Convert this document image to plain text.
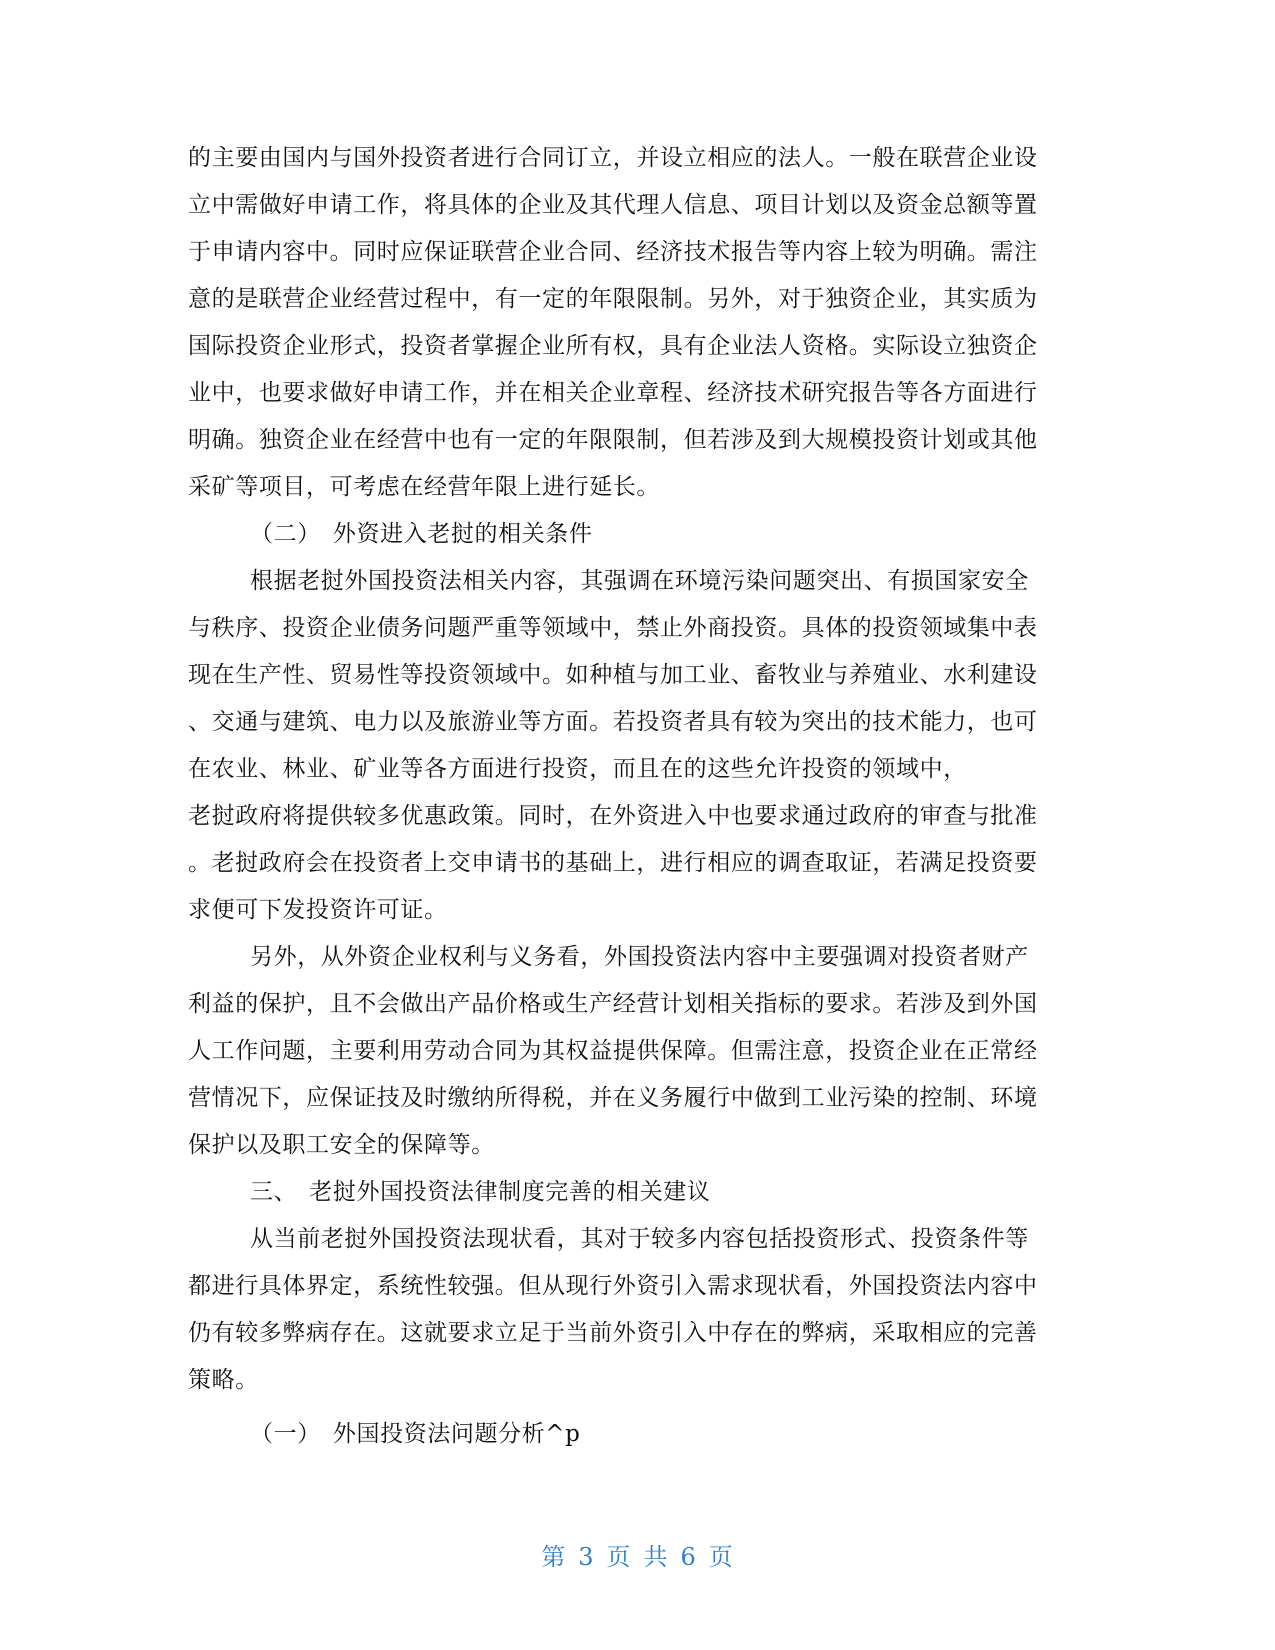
的主要由国内与国外投资者进行合同订立，并设立相应的法人。一般在联营企业设
立中需做好申请工作，将具体的企业及其代理人信息、项目计划以及资金总额等置
于申请内容中。同时应保证联营企业合同、经济技术报告等内容上较为明确。需注
意的是联营企业经营过程中，有一定的年限限制。另外，对于独资企业，其实质为
国际投资企业形式，投资者掌握企业所有权，具有企业法人资格。实际设立独资企
业中，也要求做好申请工作，并在相关企业章程、经济技术研究报告等各方面进行
明确。独资企业在经营中也有一定的年限限制，但若涉及到大规模投资计划或其他
采矿等项目，可考虑在经营年限上进行延长。
（二）　外资进入老挝的相关条件
根据老挝外国投资法相关内容，其强调在环境污染问题突出、有损国家安全
与秩序、投资企业债务问题严重等领域中，禁止外商投资。具体的投资领域集中表
现在生产性、贸易性等投资领域中。如种植与加工业、畜牧业与养殖业、水利建设
、交通与建筑、电力以及旅游业等方面。若投资者具有较为突出的技术能力，也可
在农业、林业、矿业等各方面进行投资，而且在的这些允许投资的领域中，
老挝政府将提供较多优惠政策。同时，在外资进入中也要求通过政府的审查与批准
。老挝政府会在投资者上交申请书的基础上，进行相应的调查取证，若满足投资要
求便可下发投资许可证。
另外，从外资企业权利与义务看，外国投资法内容中主要强调对投资者财产
利益的保护，且不会做出产品价格或生产经营计划相关指标的要求。若涉及到外国
人工作问题，主要利用劳动合同为其权益提供保障。但需注意，投资企业在正常经
营情况下，应保证技及时缴纳所得税，并在义务履行中做到工业污染的控制、环境
保护以及职工安全的保障等。
三、　老挝外国投资法律制度完善的相关建议
从当前老挝外国投资法现状看，其对于较多内容包括投资形式、投资条件等
都进行具体界定，系统性较强。但从现行外资引入需求现状看，外国投资法内容中
仍有较多弊病存在。这就要求立足于当前外资引入中存在的弊病，采取相应的完善
策略。
（一）　外国投资法问题分析^p
第 3 页 共 6 页
